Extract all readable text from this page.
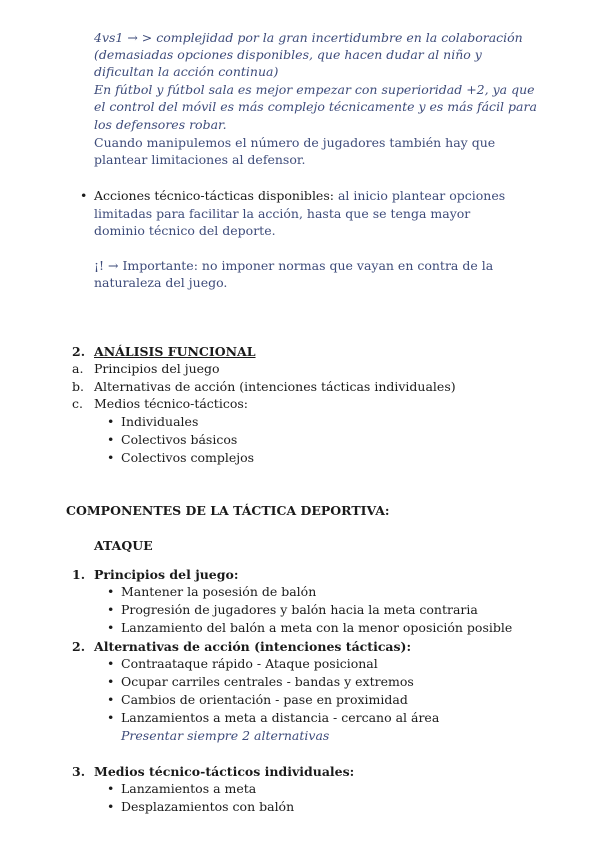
4vs1 → > complejidad por la gran incertidumbre en la colaboración
(demasiadas opciones disponibles, que hacen dudar al niño y
dificultan la acción continua)
En fútbol y fútbol sala es mejor empezar con superioridad +2, ya que
el control del móvil es más complejo técnicamente y es más fácil para
los defensores robar.
Cuando manipulemos el número de jugadores también hay que
plantear limitaciones al defensor.
• Acciones técnico-tácticas disponibles: al inicio plantear opciones
limitadas para facilitar la acción, hasta que se tenga mayor
dominio técnico del deporte.
¡! → Importante: no imponer normas que vayan en contra de la
naturaleza del juego.
2. ANÁLISIS FUNCIONAL
a. Principios del juego
b. Alternativas de acción (intenciones tácticas individuales)
c. Medios técnico-tácticos:
• Individuales
• Colectivos básicos
• Colectivos complejos
COMPONENTES DE LA TÁCTICA DEPORTIVA:
ATAQUE
1. Principios del juego:
• Mantener la posesión de balón
• Progresión de jugadores y balón hacia la meta contraria
• Lanzamiento del balón a meta con la menor oposición posible
2. Alternativas de acción (intenciones tácticas):
• Contraataque rápido - Ataque posicional
• Ocupar carriles centrales - bandas y extremos
• Cambios de orientación - pase en proximidad
• Lanzamientos a meta a distancia - cercano al área
Presentar siempre 2 alternativas
3. Medios técnico-tácticos individuales:
• Lanzamientos a meta
• Desplazamientos con balón
